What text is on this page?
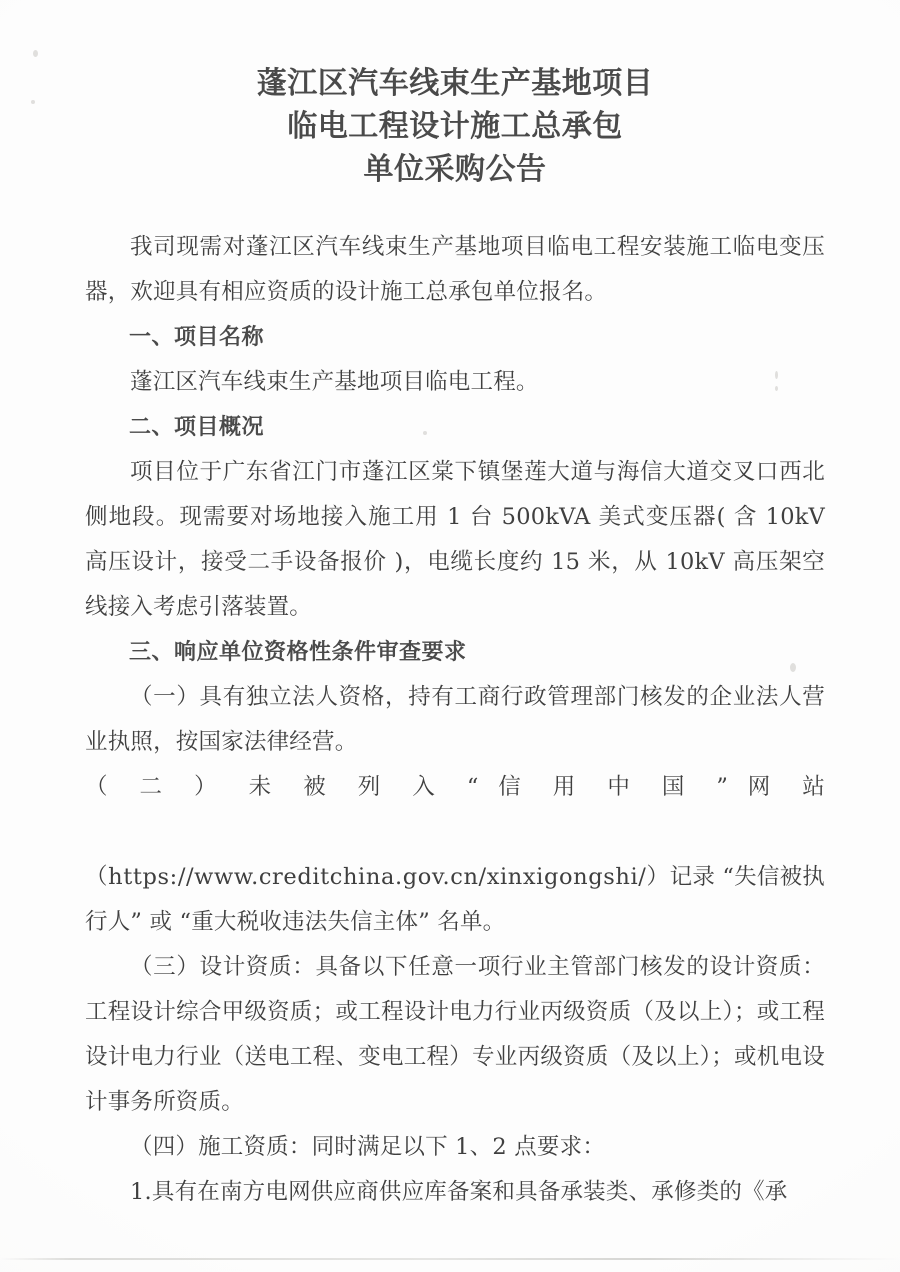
蓬江区汽车线束生产基地项目
临电工程设计施工总承包
单位采购公告

我司现需对蓬江区汽车线束生产基地项目临电工程安装施工临电变压器，欢迎具有相应资质的设计施工总承包单位报名。

一、项目名称

蓬江区汽车线束生产基地项目临电工程。

二、项目概况

项目位于广东省江门市蓬江区棠下镇堡莲大道与海信大道交叉口西北侧地段。现需要对场地接入施工用 1 台 500kVA 美式变压器( 含 10kV 高压设计，接受二手设备报价 )，电缆长度约 15 米，从 10kV 高压架空线接入考虑引落装置。

三、响应单位资格性条件审查要求

（一）具有独立法人资格，持有工商行政管理部门核发的企业法人营业执照，按国家法律经营。

（ 二 ） 未 被 列 入 “ 信 用 中 国 ” 网 站

（https://www.creditchina.gov.cn/xinxigongshi/）记录 “失信被执行人” 或 “重大税收违法失信主体” 名单。

（三）设计资质：具备以下任意一项行业主管部门核发的设计资质：工程设计综合甲级资质；或工程设计电力行业丙级资质（及以上）；或工程设计电力行业（送电工程、变电工程）专业丙级资质（及以上）；或机电设计事务所资质。

（四）施工资质：同时满足以下 1、2 点要求：

1.具有在南方电网供应商供应库备案和具备承装类、承修类的《承
